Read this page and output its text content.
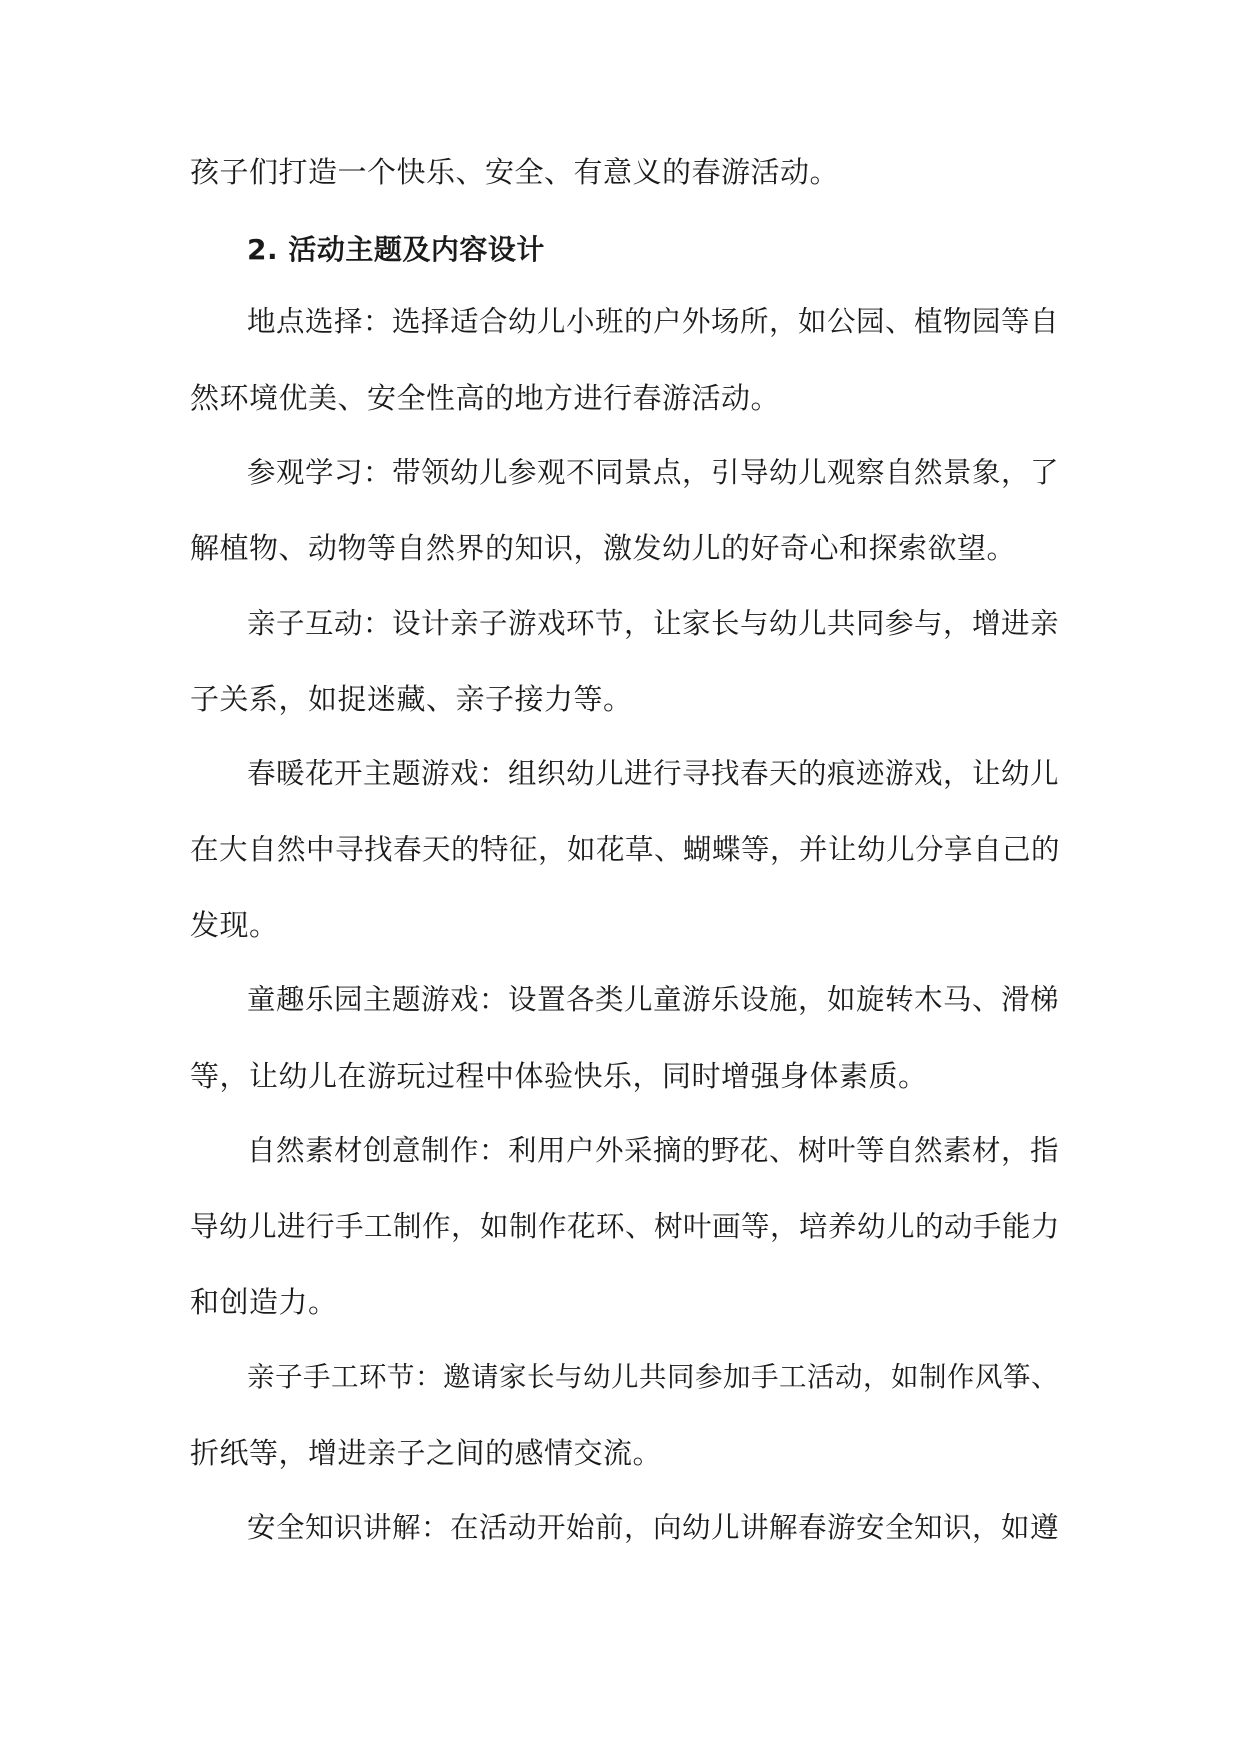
孩子们打造一个快乐、安全、有意义的春游活动。
2. 活动主题及内容设计
地点选择：选择适合幼儿小班的户外场所，如公园、植物园等自
然环境优美、安全性高的地方进行春游活动。
参观学习：带领幼儿参观不同景点，引导幼儿观察自然景象，了
解植物、动物等自然界的知识，激发幼儿的好奇心和探索欲望。
亲子互动：设计亲子游戏环节，让家长与幼儿共同参与，增进亲
子关系，如捉迷藏、亲子接力等。
春暖花开主题游戏：组织幼儿进行寻找春天的痕迹游戏，让幼儿
在大自然中寻找春天的特征，如花草、蝴蝶等，并让幼儿分享自己的
发现。
童趣乐园主题游戏：设置各类儿童游乐设施，如旋转木马、滑梯
等，让幼儿在游玩过程中体验快乐，同时增强身体素质。
自然素材创意制作：利用户外采摘的野花、树叶等自然素材，指
导幼儿进行手工制作，如制作花环、树叶画等，培养幼儿的动手能力
和创造力。
亲子手工环节：邀请家长与幼儿共同参加手工活动，如制作风筝、
折纸等，增进亲子之间的感情交流。
安全知识讲解：在活动开始前，向幼儿讲解春游安全知识，如遵
